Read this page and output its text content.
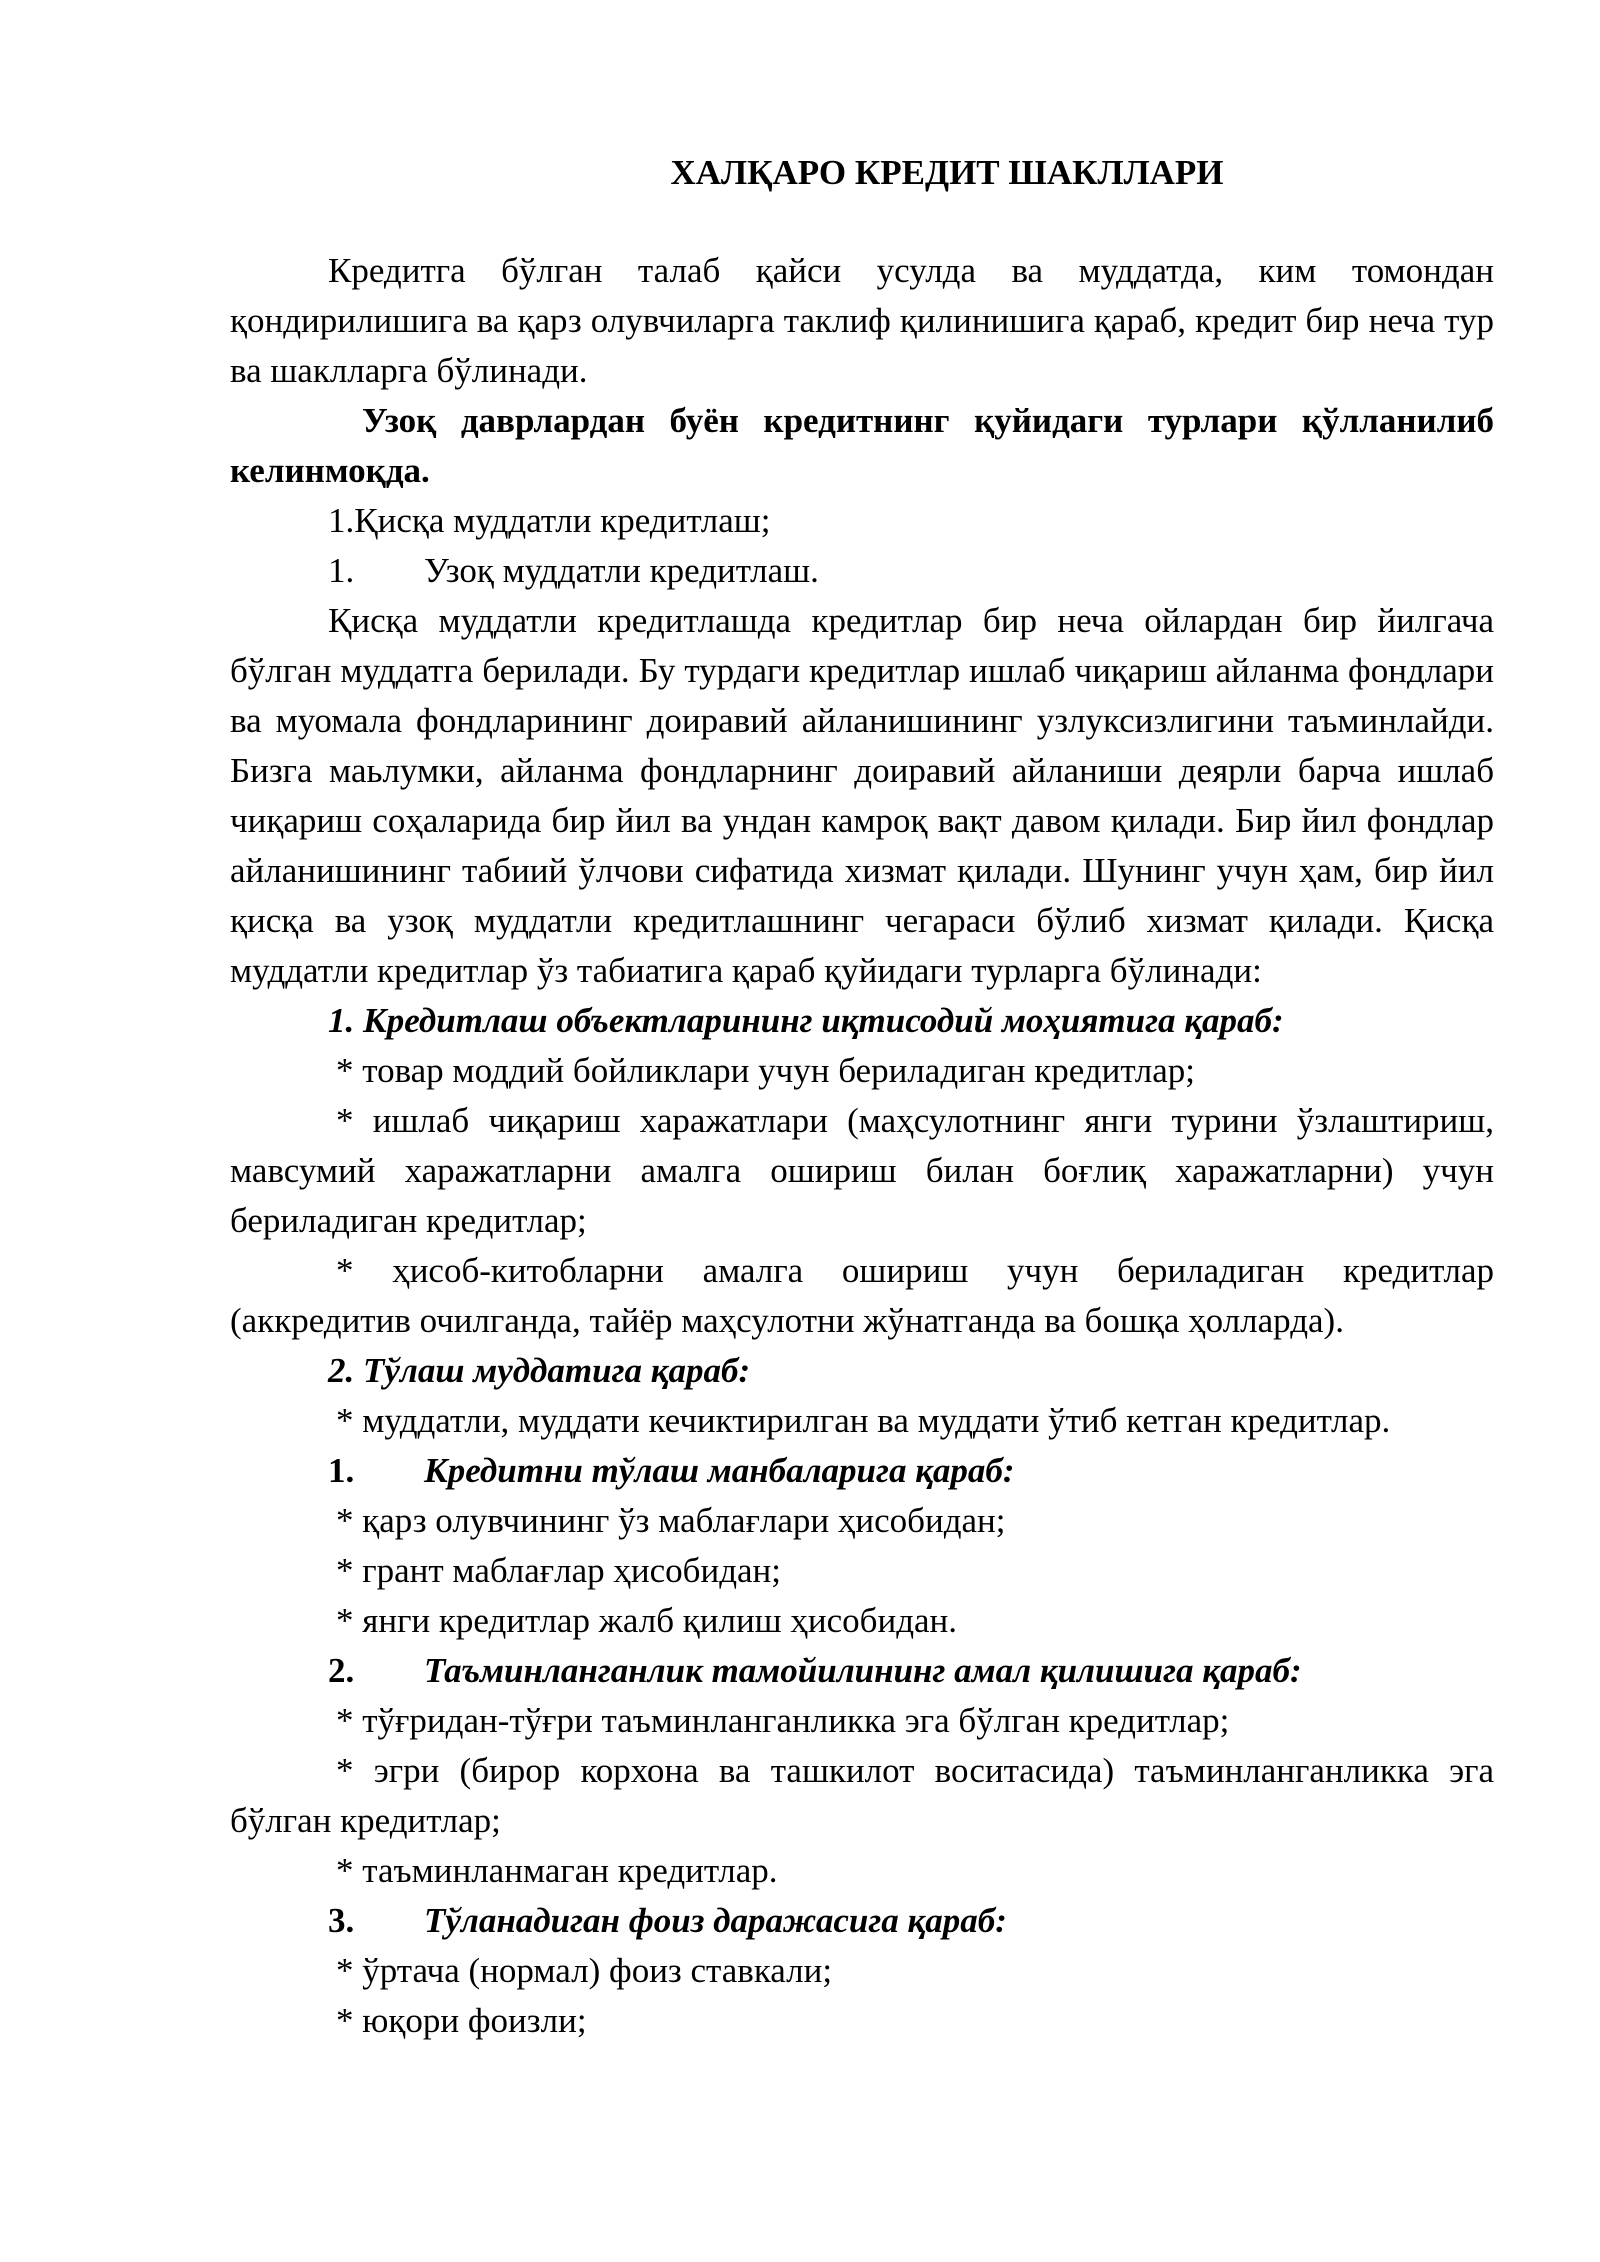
ХАЛҚАРО КРЕДИТ ШАКЛЛАРИ

Кредитга бўлган талаб қайси усулда ва муддатда, ким томондан қондирилишига ва қарз олувчиларга таклиф қилинишига қараб, кредит бир неча тур ва шаклларга бўлинади.

Узоқ даврлардан буён кредитнинг қуйидаги турлари қўлланилиб келинмоқда.

1.Қисқа муддатли кредитлаш;
1. Узоқ муддатли кредитлаш.

Қисқа муддатли кредитлашда кредитлар бир неча ойлардан бир йилгача бўлган муддатга берилади. Бу турдаги кредитлар ишлаб чиқариш айланма фондлари ва муомала фондларининг доиравий айланишининг узлуксизлигини таъминлайди. Бизга маьлумки, айланма фондларнинг доиравий айланиши деярли барча ишлаб чиқариш соҳаларида бир йил ва ундан камроқ вақт давом қилади. Бир йил фондлар айланишининг табиий ўлчови сифатида хизмат қилади. Шунинг учун ҳам, бир йил қисқа ва узоқ муддатли кредитлашнинг чегараси бўлиб хизмат қилади. Қисқа муддатли кредитлар ўз табиатига қараб қуйидаги турларга бўлинади:

1. Кредитлаш объектларининг иқтисодий моҳиятига қараб:

* товар моддий бойликлари учун бериладиган кредитлар;

* ишлаб чиқариш харажатлари (маҳсулотнинг янги турини ўзлаштириш, мавсумий харажатларни амалга ошириш билан боғлиқ харажатларни) учун бериладиган кредитлар;

* ҳисоб-китобларни амалга ошириш учун бериладиган кредитлар (аккредитив очилганда, тайёр маҳсулотни жўнатганда ва бошқа ҳолларда).

2. Тўлаш муддатига қараб:

* муддатли, муддати кечиктирилган ва муддати ўтиб кетган кредитлар.

1. Кредитни тўлаш манбаларига қараб:

* қарз олувчининг ўз маблағлари ҳисобидан;

* грант маблағлар ҳисобидан;

* янги кредитлар жалб қилиш ҳисобидан.

2. Таъминланганлик тамойилининг амал қилишига қараб:

* тўғридан-тўғри таъминланганликка эга бўлган кредитлар;

* эгри (бирор корхона ва ташкилот воситасида) таъминланганликка эга бўлган кредитлар;

* таъминланмаган кредитлар.

3. Тўланадиган фоиз даражасига қараб:

* ўртача (нормал) фоиз ставкали;

* юқори фоизли;
